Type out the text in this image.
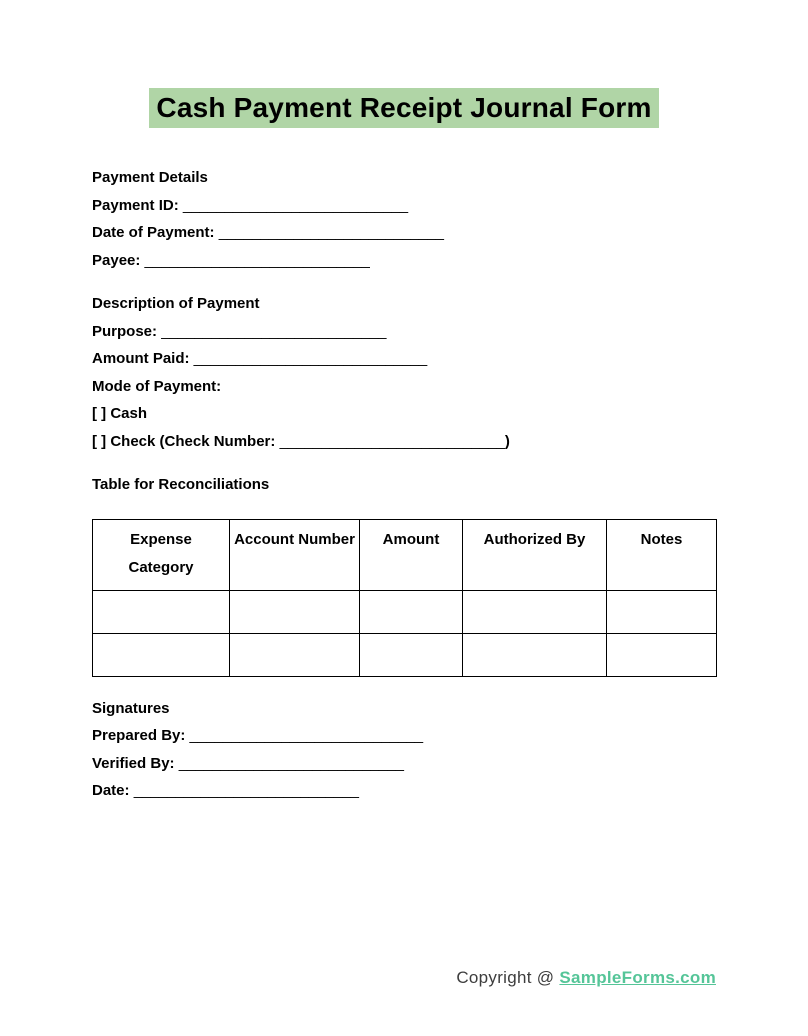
Cash Payment Receipt Journal Form
Payment Details
Payment ID: ___________________________
Date of Payment: ___________________________
Payee: ___________________________
Description of Payment
Purpose: ___________________________
Amount Paid: ____________________________
Mode of Payment:
[ ] Cash
[ ] Check (Check Number: ___________________________)
Table for Reconciliations
Expense Category	Account Number	Amount	Authorized By	Notes

Signatures
Prepared By: ____________________________
Verified By: ___________________________
Date: ___________________________
Copyright @ SampleForms.com
